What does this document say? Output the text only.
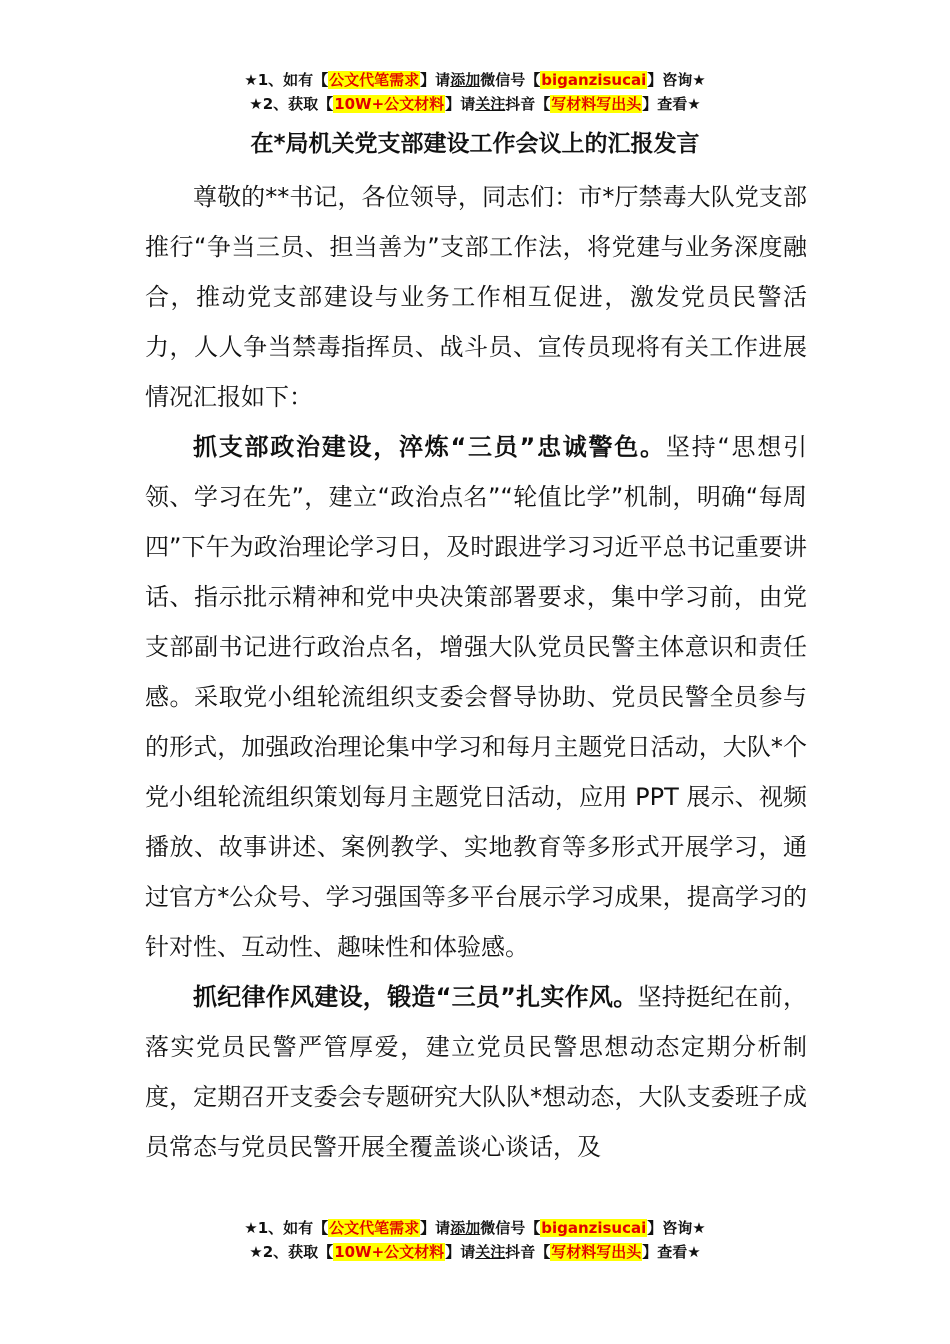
★1、如有【公文代笔需求】请添加微信号【biganzisucai】咨询★
★2、获取【10W+公文材料】请关注抖音【写材料写出头】查看★
在*局机关党支部建设工作会议上的汇报发言

尊敬的**书记，各位领导，同志们：市*厅禁毒大队党支部推行“争当三员、担当善为”支部工作法，将党建与业务深度融合，推动党支部建设与业务工作相互促进，激发党员民警活力，人人争当禁毒指挥员、战斗员、宣传员现将有关工作进展情况汇报如下：

抓支部政治建设，淬炼“三员”忠诚警色。坚持“思想引领、学习在先”，建立“政治点名”“轮值比学”机制，明确“每周四”下午为政治理论学习日，及时跟进学习习近平总书记重要讲话、指示批示精神和党中央决策部署要求，集中学习前，由党支部副书记进行政治点名，增强大队党员民警主体意识和责任感。采取党小组轮流组织支委会督导协助、党员民警全员参与的形式，加强政治理论集中学习和每月主题党日活动，大队*个党小组轮流组织策划每月主题党日活动，应用 PPT 展示、视频播放、故事讲述、案例教学、实地教育等多形式开展学习，通过官方*公众号、学习强国等多平台展示学习成果，提高学习的针对性、互动性、趣味性和体验感。

抓纪律作风建设，锻造“三员”扎实作风。坚持挺纪在前，落实党员民警严管厚爱，建立党员民警思想动态定期分析制度，定期召开支委会专题研究大队队*想动态，大队支委班子成员常态与党员民警开展全覆盖谈心谈话，及

★1、如有【公文代笔需求】请添加微信号【biganzisucai】咨询★
★2、获取【10W+公文材料】请关注抖音【写材料写出头】查看★
